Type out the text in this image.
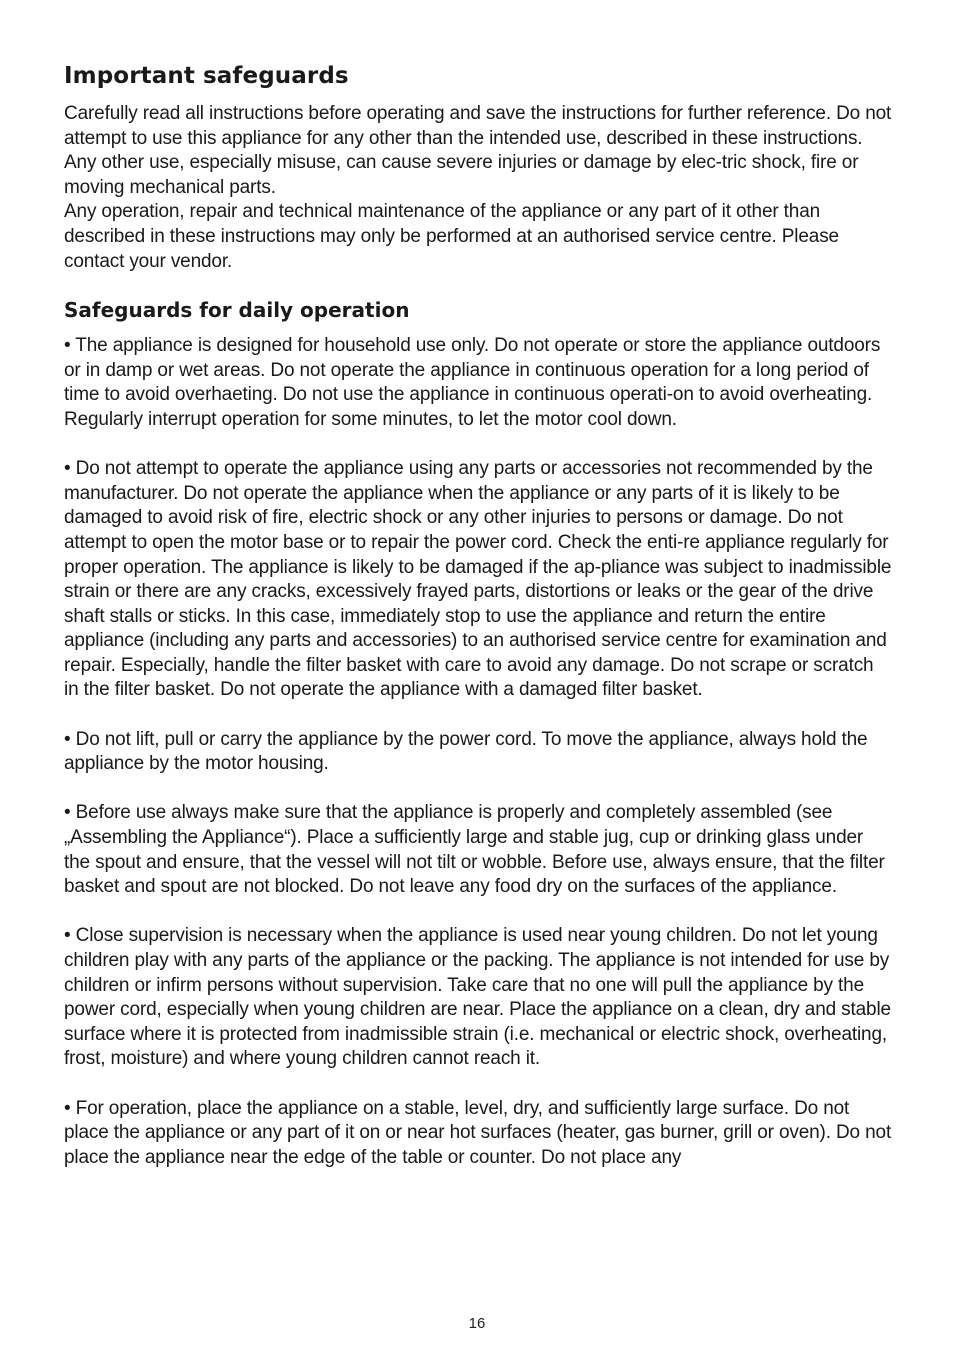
Important safeguards

Carefully read all instructions before operating and save the instructions for further reference. Do not attempt to use this appliance for any other than the intended use, described in these instructions. Any other use, especially misuse, can cause severe injuries or damage by elec-tric shock, fire or moving mechanical parts.

Any operation, repair and technical maintenance of the appliance or any part of it other than described in these instructions may only be performed at an authorised service centre. Please contact your vendor.

Safeguards for daily operation

• The appliance is designed for household use only. Do not operate or store the appliance outdoors or in damp or wet areas. Do not operate the appliance in continuous operation for a long period of time to avoid overhaeting. Do not use the appliance in continuous operati-on to avoid overheating. Regularly interrupt operation for some minutes, to let the motor cool down.

• Do not attempt to operate the appliance using any parts or accessories not recommended by the manufacturer. Do not operate the appliance when the appliance or any parts of it is likely to be damaged to avoid risk of fire, electric shock or any other injuries to persons or damage. Do not attempt to open the motor base or to repair the power cord. Check the enti-re appliance regularly for proper operation. The appliance is likely to be damaged if the ap-pliance was subject to inadmissible strain or there are any cracks, excessively frayed parts, distortions or leaks or the gear of the drive shaft stalls or sticks. In this case, immediately stop to use the appliance and return the entire appliance (including any parts and accessories) to an authorised service centre for examination and repair. Especially, handle the filter basket with care to avoid any damage. Do not scrape or scratch in the filter basket. Do not operate the appliance with a damaged filter basket.

• Do not lift, pull or carry the appliance by the power cord. To move the appliance, always hold the appliance by the motor housing.

• Before use always make sure that the appliance is properly and completely assembled (see „Assembling the Appliance“). Place a sufficiently large and stable jug, cup or drinking glass under the spout and ensure, that the vessel will not tilt or wobble. Before use, always ensure, that the filter basket and spout are not blocked. Do not leave any food dry on the surfaces of the appliance.

• Close supervision is necessary when the appliance is used near young children. Do not let young children play with any parts of the appliance or the packing. The appliance is not intended for use by children or infirm persons without supervision. Take care that no one will pull the appliance by the power cord, especially when young children are near. Place the appliance on a clean, dry and stable surface where it is protected from inadmissible strain (i.e. mechanical or electric shock, overheating, frost, moisture) and where young children cannot reach it.

• For operation, place the appliance on a stable, level, dry, and sufficiently large surface. Do not place the appliance or any part of it on or near hot surfaces (heater, gas burner, grill or oven). Do not place the appliance near the edge of the table or counter. Do not place any

16
